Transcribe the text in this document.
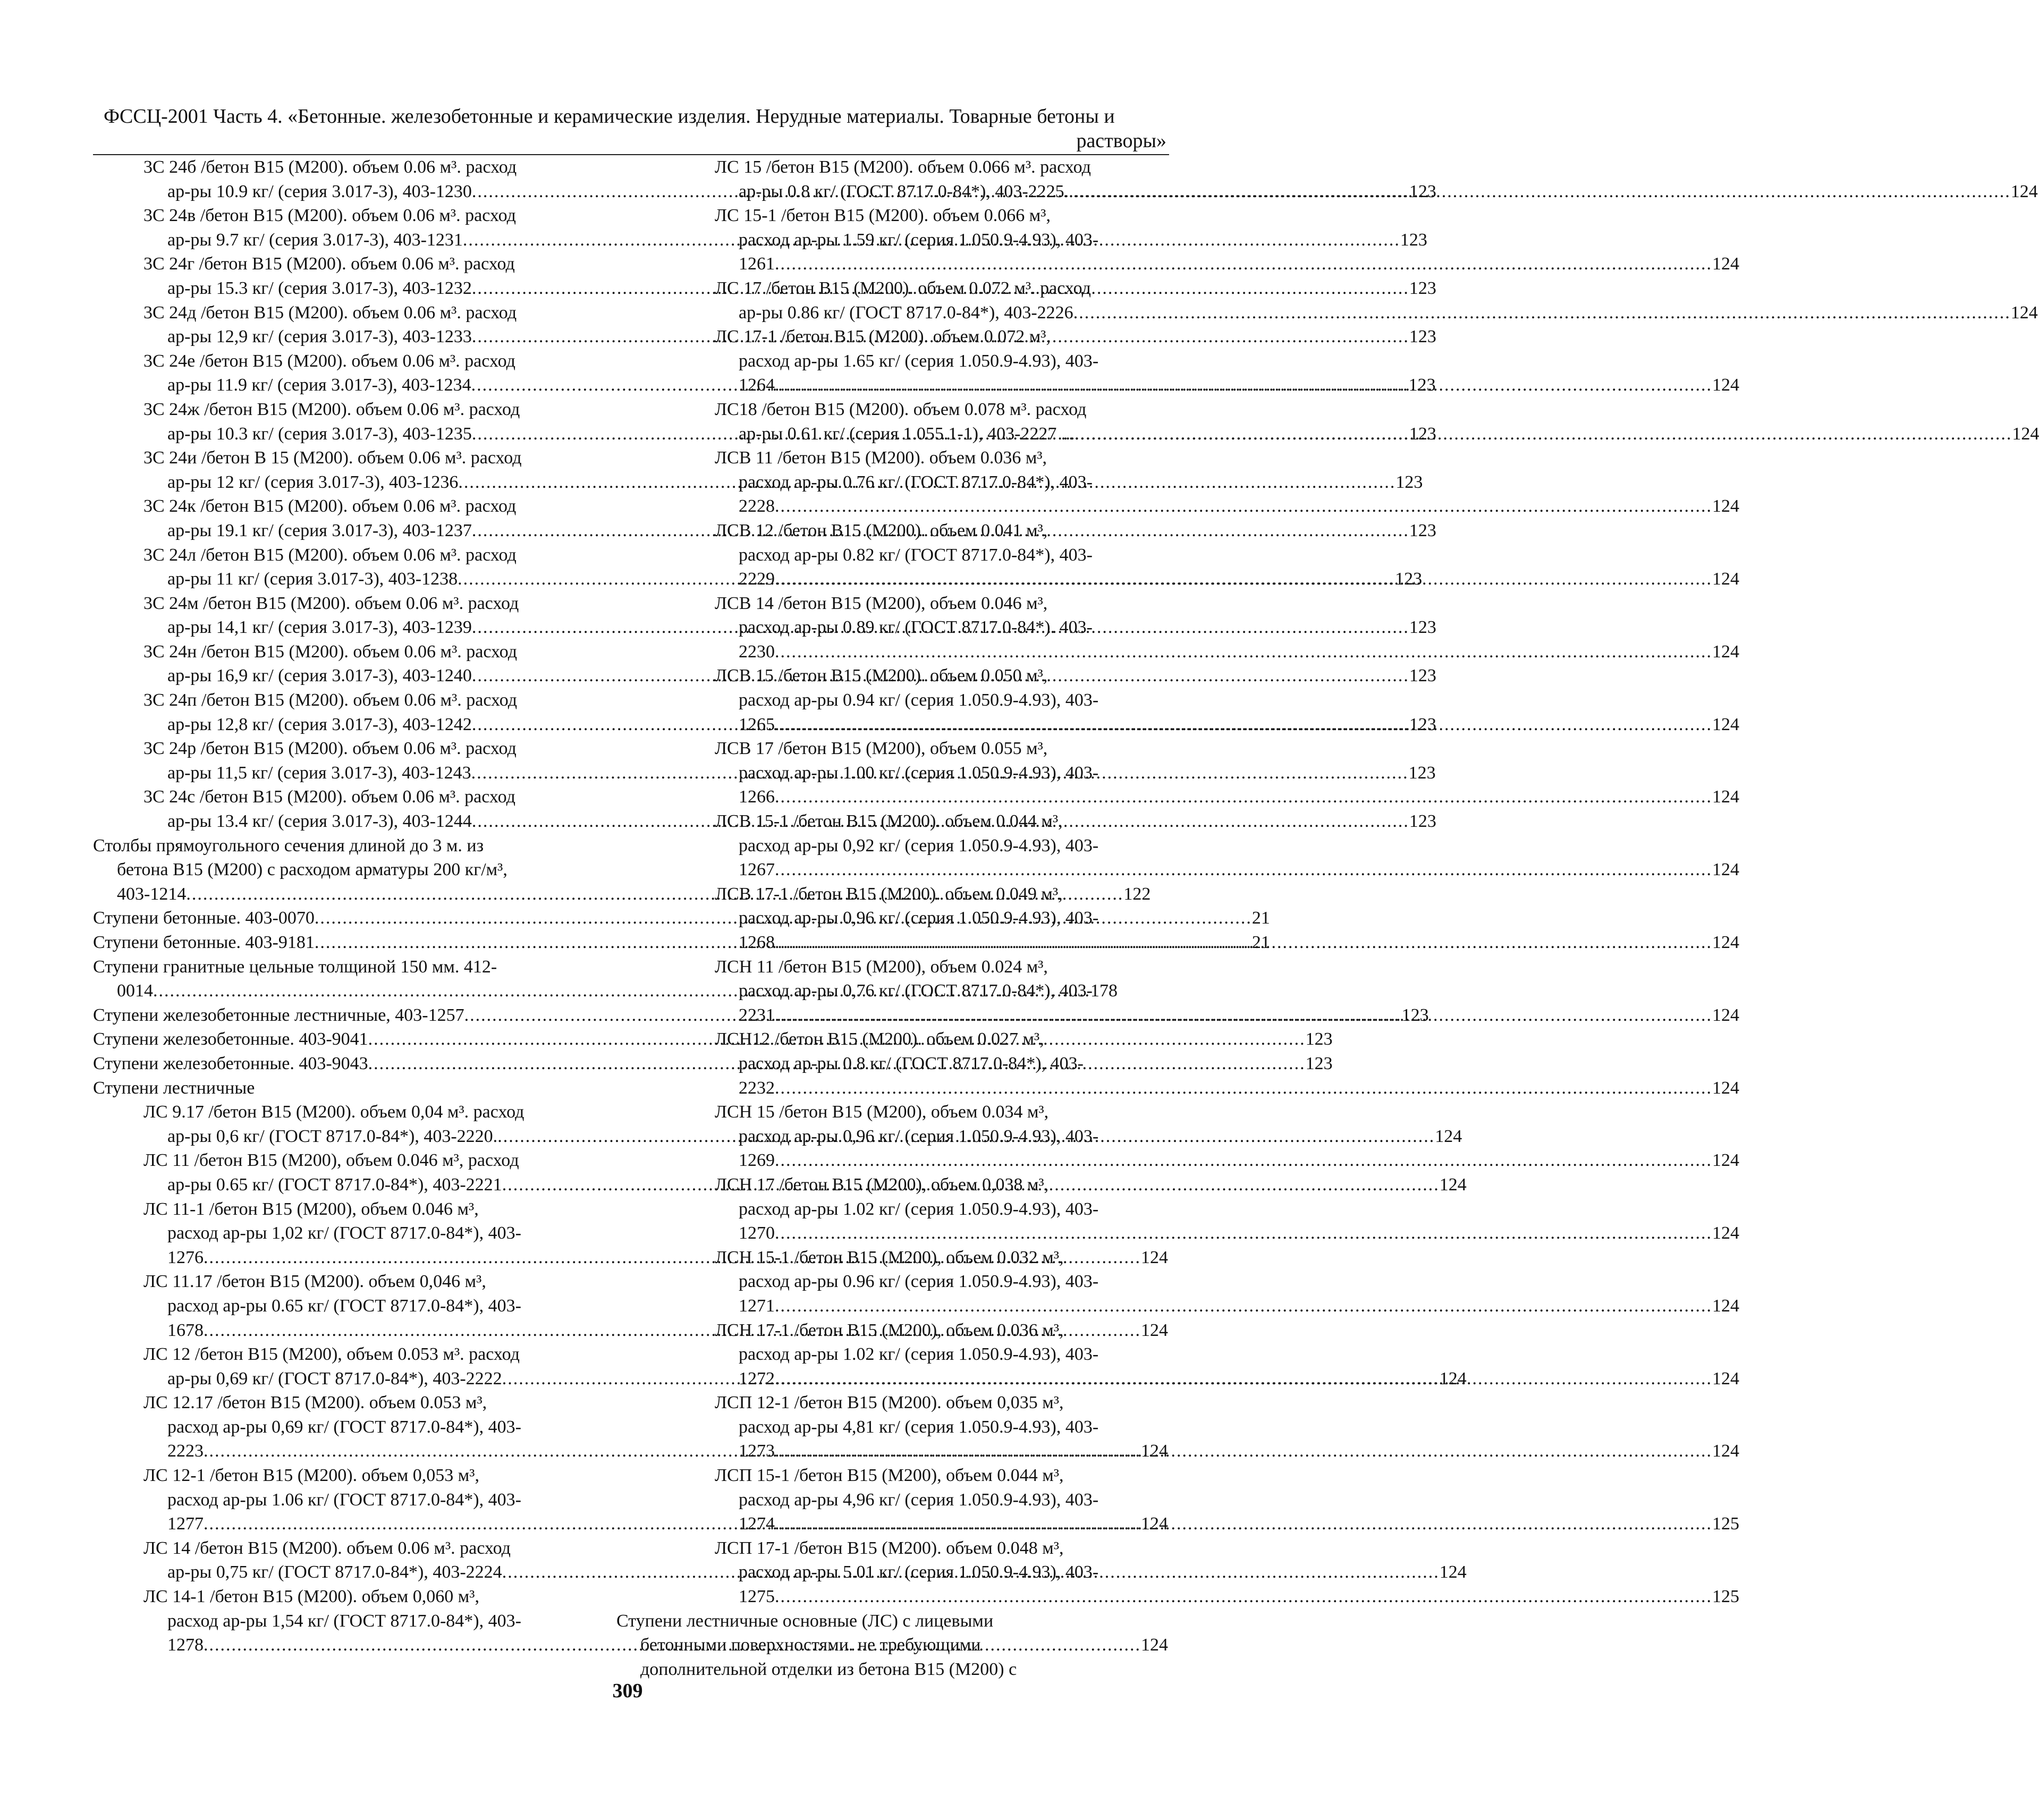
ФССЦ-2001 Часть 4. «Бетонные. железобетонные и керамические изделия. Нерудные материалы. Товарные бетоны и
растворы»
3С 24б /бетон В15 (М200). объем 0.06 м³. расход
ар-ры 10.9 кг/ (серия 3.017-3), 403-1230 .....	123
3С 24в /бетон В15 (М200). объем 0.06 м³. расход
ар-ры 9.7 кг/ (серия 3.017-3), 403-1231 .....	123
3С 24г /бетон В15 (М200). объем 0.06 м³. расход
ар-ры 15.3 кг/ (серия 3.017-3), 403-1232 .....	123
3С 24д /бетон В15 (М200). объем 0.06 м³. расход
ар-ры 12,9 кг/ (серия 3.017-3), 403-1233 .....	123
3С 24е /бетон В15 (М200). объем 0.06 м³. расход
ар-ры 11.9 кг/ (серия 3.017-3), 403-1234 .....	123
3С 24ж /бетон В15 (М200). объем 0.06 м³. расход
ар-ры 10.3 кг/ (серия 3.017-3), 403-1235 .....	123
3С 24и /бетон В 15 (М200). объем 0.06 м³. расход
ар-ры 12 кг/ (серия 3.017-3), 403-1236 .....	123
3С 24к /бетон В15 (М200). объем 0.06 м³. расход
ар-ры 19.1 кг/ (серия 3.017-3), 403-1237 .....	123
3С 24л /бетон В15 (М200). объем 0.06 м³. расход
ар-ры 11 кг/ (серия 3.017-3), 403-1238 .....	123
3С 24м /бетон В15 (М200). объем 0.06 м³. расход
ар-ры 14,1 кг/ (серия 3.017-3), 403-1239 .....	123
3С 24н /бетон В15 (М200). объем 0.06 м³. расход
ар-ры 16,9 кг/ (серия 3.017-3), 403-1240 .....	123
3С 24п /бетон В15 (М200). объем 0.06 м³. расход
ар-ры 12,8 кг/ (серия 3.017-3), 403-1242 .....	123
3С 24р /бетон В15 (М200). объем 0.06 м³. расход
ар-ры 11,5 кг/ (серия 3.017-3), 403-1243 .....	123
3С 24с /бетон В15 (М200). объем 0.06 м³. расход
ар-ры 13.4 кг/ (серия 3.017-3), 403-1244 .....	123
Столбы прямоугольного сечения длиной до 3 м. из
бетона В15 (М200) с расходом арматуры 200 кг/м³,
403-1214 .....	122
Ступени бетонные. 403-0070 .....	21
Ступени бетонные. 403-9181 .....	21
Ступени гранитные цельные толщиной 150 мм. 412-
0014 .....	178
Ступени железобетонные лестничные, 403-1257 .....	123
Ступени железобетонные. 403-9041 .....	123
Ступени железобетонные. 403-9043 .....	123
Ступени лестничные
ЛС 9.17 /бетон В15 (М200). объем 0,04 м³. расход
ар-ры 0,6 кг/ (ГОСТ 8717.0-84*), 403-2220. .....	124
ЛС 11 /бетон В15 (М200), объем 0.046 м³, расход
ар-ры 0.65 кг/ (ГОСТ 8717.0-84*), 403-2221 .....	124
ЛС 11-1 /бетон В15 (М200), объем 0.046 м³,
расход ар-ры 1,02 кг/ (ГОСТ 8717.0-84*), 403-
1276 .....	124
ЛС 11.17 /бетон В15 (М200). объем 0,046 м³,
расход ар-ры 0.65 кг/ (ГОСТ 8717.0-84*), 403-
1678 .....	124
ЛС 12 /бетон В15 (М200), объем 0.053 м³. расход
ар-ры 0,69 кг/ (ГОСТ 8717.0-84*), 403-2222 .....	124
ЛС 12.17 /бетон В15 (М200). объем 0.053 м³,
расход ар-ры 0,69 кг/ (ГОСТ 8717.0-84*), 403-
2223 .....	124
ЛС 12-1 /бетон В15 (М200). объем 0,053 м³,
расход ар-ры 1.06 кг/ (ГОСТ 8717.0-84*), 403-
1277 .....	124
ЛС 14 /бетон В15 (М200). объем 0.06 м³. расход
ар-ры 0,75 кг/ (ГОСТ 8717.0-84*), 403-2224 .....	124
ЛС 14-1 /бетон В15 (М200). объем 0,060 м³,
расход ар-ры 1,54 кг/ (ГОСТ 8717.0-84*), 403-
1278 .....	124
ЛС 15 /бетон В15 (М200). объем 0.066 м³. расход
ар-ры 0.8 кг/ (ГОСТ 8717.0-84*), 403-2225.. .....	124
ЛС 15-1 /бетон В15 (М200). объем 0.066 м³,
расход ар-ры 1.59 кг/ (серия 1.050.9-4.93), 403-
1261 .....	124
ЛС 17 /бетон В15 (М200). объем 0.072 м³. расход
ар-ры 0.86 кг/ (ГОСТ 8717.0-84*), 403-2226 .....	124
ЛС 17-1 /бетон В15 (М200). объем 0.072 м³,
расход ар-ры 1.65 кг/ (серия 1.050.9-4.93), 403-
1264 .....	124
ЛС18 /бетон В15 (М200). объем 0.078 м³. расход
ар-ры 0.61 кг/ (серия 1.055.1-1), 403-2227 ... .....	124
ЛСВ 11 /бетон В15 (М200). объем 0.036 м³,
расход ар-ры 0.76 кг/ (ГОСТ 8717.0-84*), 403-
2228 .....	124
ЛСВ 12 /бетон В15 (М200). объем 0.041 м³,
расход ар-ры 0.82 кг/ (ГОСТ 8717.0-84*), 403-
2229 .....	124
ЛСВ 14 /бетон В15 (М200), объем 0.046 м³,
расход ар-ры 0.89 кг/ (ГОСТ 8717.0-84*). 403-
2230 .....	124
ЛСВ 15 /бетон В15 (М200). объем 0.050 м³,
расход ар-ры 0.94 кг/ (серия 1.050.9-4.93), 403-
1265 .....	124
ЛСВ 17 /бетон В15 (М200), объем 0.055 м³,
расход ар-ры 1.00 кг/ (серия 1.050.9-4.93), 403-
1266 .....	124
ЛСВ 15-1 /бетон В15 (М200). объем 0.044 м³,
расход ар-ры 0,92 кг/ (серия 1.050.9-4.93), 403-
1267 .....	124
ЛСВ 17-1 /бетон В15 (М200). объем 0.049 м³,
расход ар-ры 0,96 кг/ (серия 1.050.9-4.93), 403-
1268 .....	124
ЛСН 11 /бетон В15 (М200), объем 0.024 м³,
расход ар-ры 0,76 кг/ (ГОСТ 8717.0-84*), 403-
2231 .....	124
ЛСН12 /бетон В15 (М200). объем 0.027 м³,
расход ар-ры 0.8 кг/ (ГОСТ 8717.0-84*), 403-
2232 .....	124
ЛСН 15 /бетон В15 (М200), объем 0.034 м³,
расход ар-ры 0,96 кг/ (серия 1.050.9-4.93), 403-
1269 .....	124
ЛСН 17 /бетон В15 (М200), объем 0,038 м³,
расход ар-ры 1.02 кг/ (серия 1.050.9-4.93), 403-
1270 .....	124
ЛСН 15-1 /бетон В15 (М200), объем 0.032 м³,
расход ар-ры 0.96 кг/ (серия 1.050.9-4.93), 403-
1271 .....	124
ЛСН 17-1 /бетон В15 (М200), объем 0.036 м³,
расход ар-ры 1.02 кг/ (серия 1.050.9-4.93), 403-
1272 .....	124
ЛСП 12-1 /бетон В15 (М200). объем 0,035 м³,
расход ар-ры 4,81 кг/ (серия 1.050.9-4.93), 403-
1273 .....	124
ЛСП 15-1 /бетон В15 (М200), объем 0.044 м³,
расход ар-ры 4,96 кг/ (серия 1.050.9-4.93), 403-
1274 .....	125
ЛСП 17-1 /бетон В15 (М200). объем 0.048 м³,
расход ар-ры 5.01 кг/ (серия 1.050.9-4.93), 403-
1275 .....	125
Ступени лестничные основные (ЛС) с лицевыми
бетонными поверхностями. не требующими
дополнительной отделки из бетона В15 (М200) с
309
